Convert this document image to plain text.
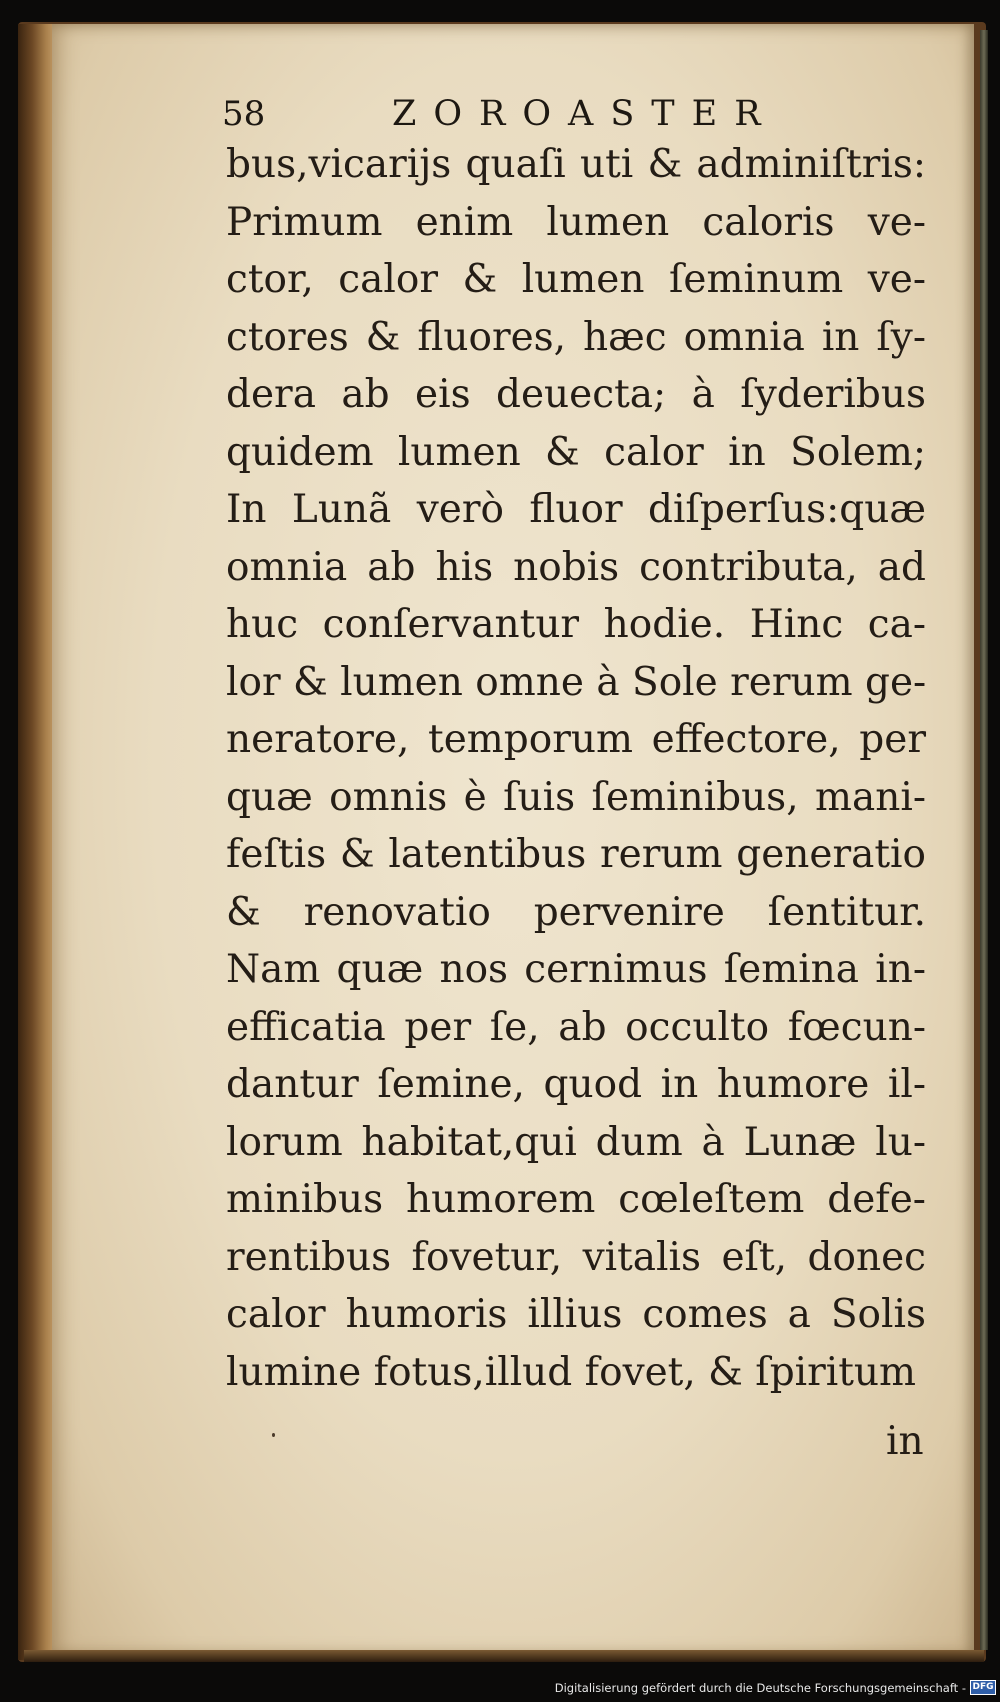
58	ZOROASTER
bus,vicarijs quaſi uti & adminiſtris:
Primum enim lumen caloris ve-
ctor, calor & lumen ſeminum ve-
ctores & fluores, hæc omnia in ſy-
dera ab eis deuecta; à ſyderibus
quidem lumen & calor in Solem;
In Lunã verò fluor diſperſus:quæ
omnia ab his nobis contributa, ad
huc conſervantur hodie. Hinc ca-
lor & lumen omne à Sole rerum ge-
neratore, temporum effectore, per
quæ omnis è ſuis ſeminibus, mani-
feſtis & latentibus rerum generatio
& renovatio pervenire ſentitur.
Nam quæ nos cernimus ſemina in-
efficatia per ſe, ab occulto fœcun-
dantur ſemine, quod in humore il-
lorum habitat,qui dum à Lunæ lu-
minibus humorem cœleſtem defe-
rentibus fovetur, vitalis eſt, donec
calor humoris illius comes a Solis
lumine fotus,illud fovet, & ſpiritum
in
Digitalisierung gefördert durch die Deutsche Forschungsgemeinschaft - DFG
